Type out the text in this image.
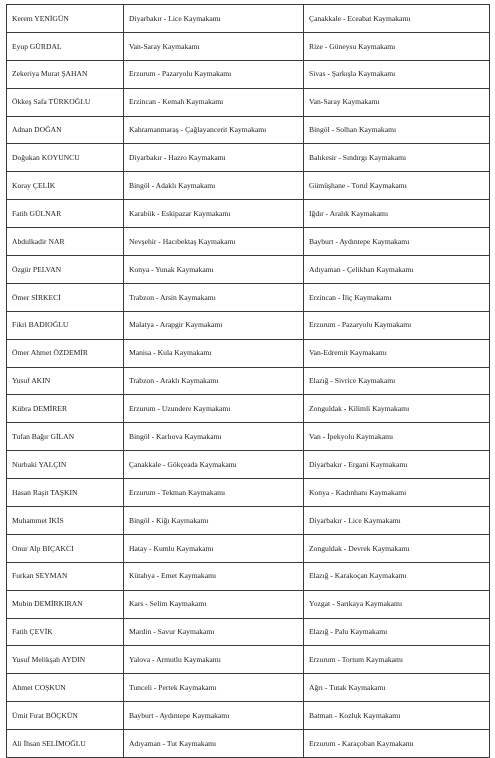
Kerem YENİGÜN	Diyarbakır - Lice Kaymakamı	Çanakkale - Eceabat Kaymakamı
Eyup GÜRDAL	Van-Saray Kaymakamı	Rize - Güneysu Kaymakamı
Zekeriya Murat ŞAHAN	Erzurum - Pazaryolu Kaymakamı	Sivas - Şarkışla Kaymakamı
Ökkeş Safa TÜRKOĞLU	Erzincan - Kemah Kaymakamı	Van-Saray Kaymakamı
Adnan DOĞAN	Kahramanmaraş - Çağlayancerit Kaymakamı	Bingöl - Solhan Kaymakamı
Doğukan KOYUNCU	Diyarbakır - Hazro Kaymakamı	Balıkesir - Sındırgı Kaymakamı
Koray ÇELİK	Bingöl - Adaklı Kaymakamı	Gümüşhane - Torul Kaymakamı
Fatih GÜLNAR	Karabük - Eskipazar Kaymakamı	Iğdır - Aralık Kaymakamı
Abdulkadir NAR	Nevşehir - Hacıbektaş Kaymakamı	Bayburt - Aydıntepe Kaymakamı
Özgür PELVAN	Konya - Yunak Kaymakamı	Adıyaman - Çelikhan Kaymakamı
Ömer SİRKECİ	Trabzon - Arsin Kaymakamı	Erzincan - İliç Kaymakamı
Fikri BADIOĞLU	Malatya - Arapgir Kaymakamı	Erzurum - Pazaryolu Kaymakamı
Ömer Ahmet ÖZDEMİR	Manisa - Kula Kaymakamı	Van-Edremit Kaymakamı
Yusuf AKIN	Trabzon - Araklı Kaymakamı	Elazığ - Sivrice Kaymakamı
Kübra DEMİRER	Erzurum - Uzundere Kaymakamı	Zonguldak - Kilimli Kaymakamı
Tufan Bağır GİLAN	Bingöl - Karlıova Kaymakamı	Van - İpekyolu Kaymakamı
Nurbaki YALÇIN	Çanakkale - Gökçeada Kaymakamı	Diyarbakır - Ergani Kaymakamı
Hasan Raşit TAŞKIN	Erzurum - Tekman Kaymakamı	Konya - Kadınhanı Kaymakamı
Muhammet İKİS	Bingöl - Kiğı Kaymakamı	Diyarbakır - Lice Kaymakamı
Onur Alp BIÇAKCI	Hatay - Kumlu Kaymakamı	Zonguldak - Devrek Kaymakamı
Furkan SEYMAN	Kütahya - Emet Kaymakamı	Elazığ - Karakoçan Kaymakamı
Mubin DEMİRKIRAN	Kars - Selim Kaymakamı	Yozgat - Sarıkaya Kaymakamı
Fatih ÇEVİK	Mardin - Savur Kaymakamı	Elazığ - Palu Kaymakamı
Yusuf Melikşah AYDIN	Yalova - Armutlu Kaymakamı	Erzurum - Tortum Kaymakamı
Ahmet COŞKUN	Tunceli - Pertek Kaymakamı	Ağrı - Tutak Kaymakamı
Ümit Fırat BÖÇKÜN	Bayburt - Aydıntepe Kaymakamı	Batman - Kozluk Kaymakamı
Ali İhsan SELİMOĞLU	Adıyaman - Tut Kaymakamı	Erzurum - Karaçoban Kaymakamı
